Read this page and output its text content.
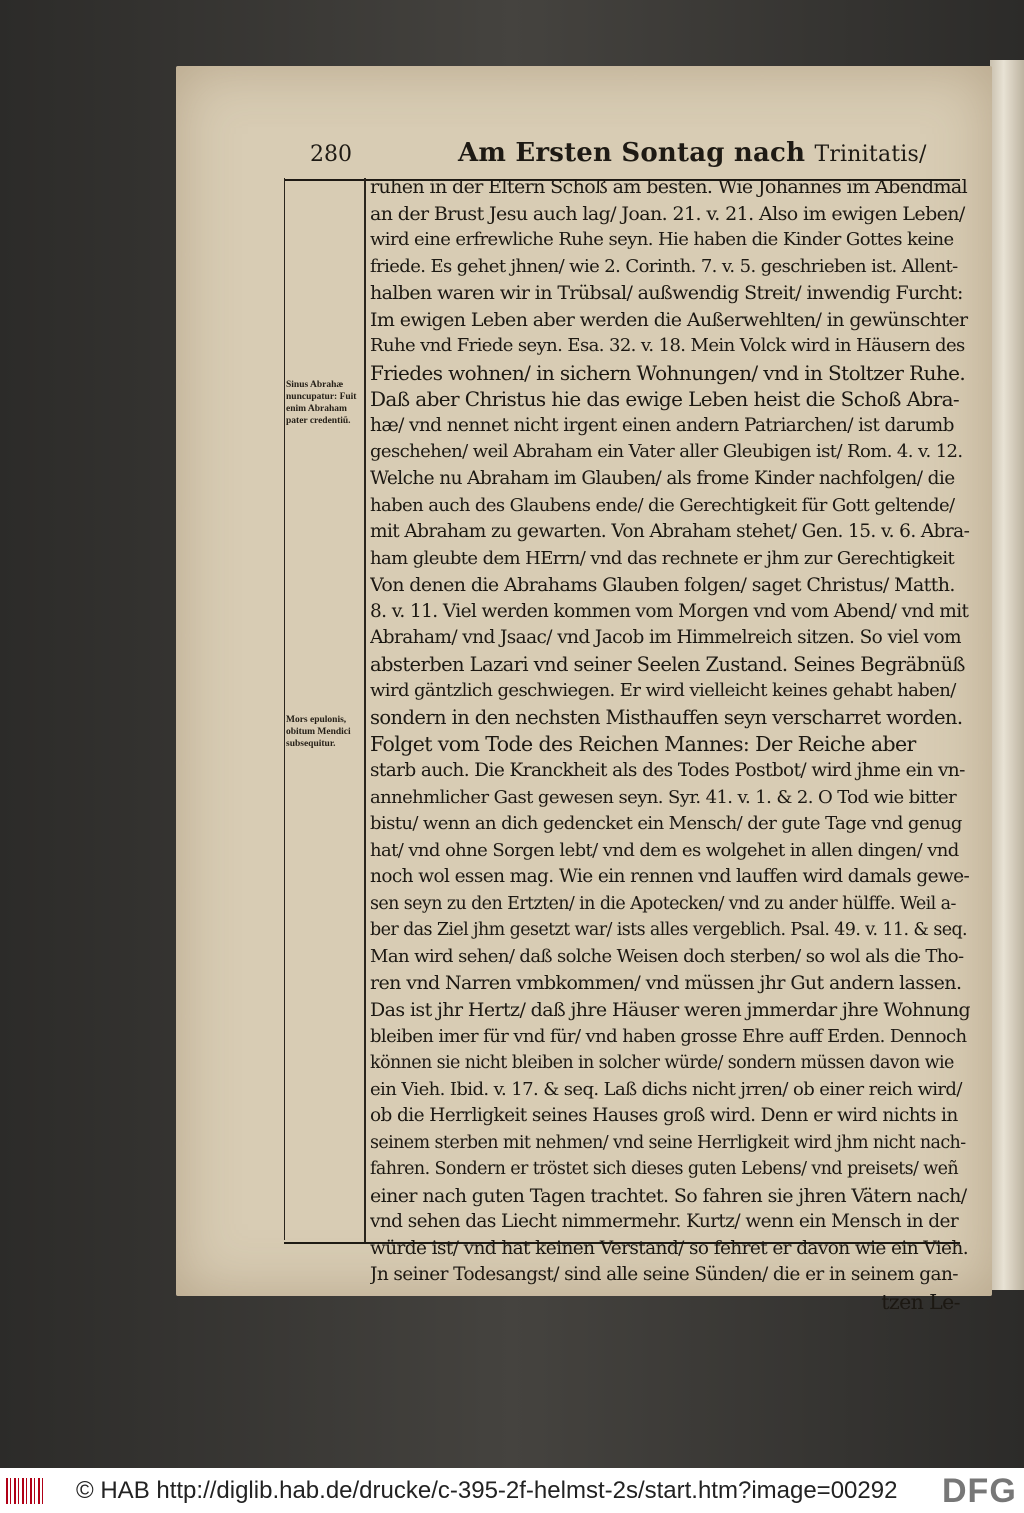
280	Am Ersten Sontag nach Trinitatis/
Sinus Abrahæ nuncupatur: Fuit enim Abraham pater credentiũ.
Mors epulonis, obitum Mendici subsequitur.
ruhen in der Eltern Schoß am besten. Wie Johannes im Abendmal
an der Brust Jesu auch lag/ Joan. 21. v. 21. Also im ewigen Leben/
wird eine erfrewliche Ruhe seyn. Hie haben die Kinder Gottes keine
friede. Es gehet jhnen/ wie 2. Corinth. 7. v. 5. geschrieben ist. Allent-
halben waren wir in Trübsal/ außwendig Streit/ inwendig Furcht:
Im ewigen Leben aber werden die Außerwehlten/ in gewünschter
Ruhe vnd Friede seyn. Esa. 32. v. 18. Mein Volck wird in Häusern des
Friedes wohnen/ in sichern Wohnungen/ vnd in Stoltzer Ruhe.
Daß aber Christus hie das ewige Leben heist die Schoß Abra-
hæ/ vnd nennet nicht irgent einen andern Patriarchen/ ist darumb
geschehen/ weil Abraham ein Vater aller Gleubigen ist/ Rom. 4. v. 12.
Welche nu Abraham im Glauben/ als frome Kinder nachfolgen/ die
haben auch des Glaubens ende/ die Gerechtigkeit für Gott geltende/
mit Abraham zu gewarten. Von Abraham stehet/ Gen. 15. v. 6. Abra-
ham gleubte dem HErrn/ vnd das rechnete er jhm zur Gerechtigkeit
Von denen die Abrahams Glauben folgen/ saget Christus/ Matth.
8. v. 11. Viel werden kommen vom Morgen vnd vom Abend/ vnd mit
Abraham/ vnd Jsaac/ vnd Jacob im Himmelreich sitzen. So viel vom
absterben Lazari vnd seiner Seelen Zustand. Seines Begräbnüß
wird gäntzlich geschwiegen. Er wird vielleicht keines gehabt haben/
sondern in den nechsten Misthauffen seyn verscharret worden.
Folget vom Tode des Reichen Mannes: Der Reiche aber
starb auch. Die Kranckheit als des Todes Postbot/ wird jhme ein vn-
annehmlicher Gast gewesen seyn. Syr. 41. v. 1. & 2. O Tod wie bitter
bistu/ wenn an dich gedencket ein Mensch/ der gute Tage vnd genug
hat/ vnd ohne Sorgen lebt/ vnd dem es wolgehet in allen dingen/ vnd
noch wol essen mag. Wie ein rennen vnd lauffen wird damals gewe-
sen seyn zu den Ertzten/ in die Apotecken/ vnd zu ander hülffe. Weil a-
ber das Ziel jhm gesetzt war/ ists alles vergeblich. Psal. 49. v. 11. & seq.
Man wird sehen/ daß solche Weisen doch sterben/ so wol als die Tho-
ren vnd Narren vmbkommen/ vnd müssen jhr Gut andern lassen.
Das ist jhr Hertz/ daß jhre Häuser weren jmmerdar jhre Wohnung
bleiben imer für vnd für/ vnd haben grosse Ehre auff Erden. Dennoch
können sie nicht bleiben in solcher würde/ sondern müssen davon wie
ein Vieh. Ibid. v. 17. & seq. Laß dichs nicht jrren/ ob einer reich wird/
ob die Herrligkeit seines Hauses groß wird. Denn er wird nichts in
seinem sterben mit nehmen/ vnd seine Herrligkeit wird jhm nicht nach-
fahren. Sondern er tröstet sich dieses guten Lebens/ vnd preisets/ weñ
einer nach guten Tagen trachtet. So fahren sie jhren Vätern nach/
vnd sehen das Liecht nimmermehr. Kurtz/ wenn ein Mensch in der
würde ist/ vnd hat keinen Verstand/ so fehret er davon wie ein Vieh.
Jn seiner Todesangst/ sind alle seine Sünden/ die er in seinem gan-
tzen Le-
© HAB http://diglib.hab.de/drucke/c-395-2f-helmst-2s/start.htm?image=00292 DFG
